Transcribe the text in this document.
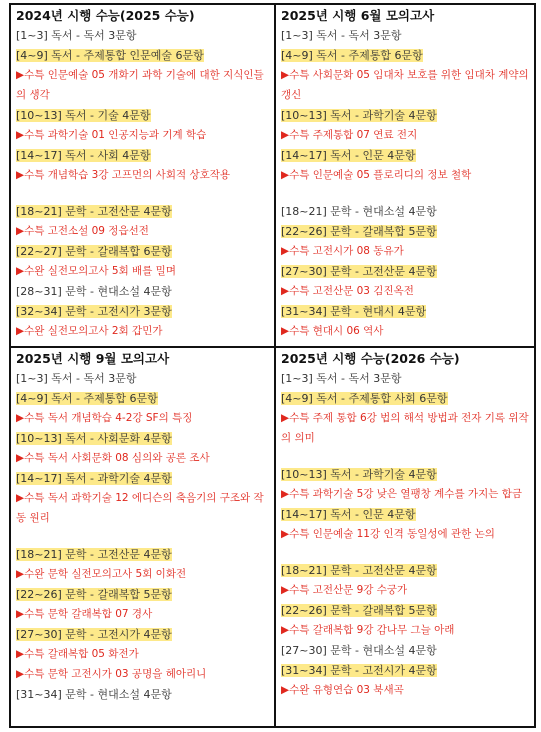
2024년 시행 수능(2025 수능)
[1~3] 독서 - 독서 3문항
[4~9] 독서 - 주제통합 인문예술 6문항
▶수특 인문예술 05 개화기 과학 기술에 대한 지식인들의 생각
[10~13] 독서 - 기술 4문항
▶수특 과학기술 01 인공지능과 기계 학습
[14~17] 독서 - 사회 4문항
▶수특 개념학습 3강 고프먼의 사회적 상호작용
[18~21] 문학 - 고전산문 4문항
▶수특 고전소설 09 정읍선전
[22~27] 문학 - 갈래복합 6문항
▶수완 실전모의고사 5회 배를 밀며
[28~31] 문학 - 현대소설 4문항
[32~34] 문학 - 고전시가 3문항
▶수완 실전모의고사 2회 갑민가
2025년 시행 6월 모의고사
[1~3] 독서 - 독서 3문항
[4~9] 독서 - 주제통합 6문항
▶수특 사회문화 05 임대차 보호를 위한 임대차 계약의 갱신
[10~13] 독서 - 과학기술 4문항
▶수특 주제통합 07 연료 전지
[14~17] 독서 - 인문 4문항
▶수특 인문예술 05 플로리디의 정보 철학
[18~21] 문학 - 현대소설 4문항
[22~26] 문학 - 갈래복합 5문항
▶수특 고전시가 08 동유가
[27~30] 문학 - 고전산문 4문항
▶수특 고전산문 03 김진옥전
[31~34] 문학 - 현대시 4문항
▶수특 현대시 06 역사
2025년 시행 9월 모의고사
[1~3] 독서 - 독서 3문항
[4~9] 독서 - 주제통합 6문항
▶수특 독서 개념학습 4-2강 SF의 특징
[10~13] 독서 - 사회문화 4문항
▶수특 독서 사회문화 08 심의와 공론 조사
[14~17] 독서 - 과학기술 4문항
▶수특 독서 과학기술 12 에디슨의 축음기의 구조와 작동 원리
[18~21] 문학 - 고전산문 4문항
▶수완 문학 실전모의고사 5회 이화전
[22~26] 문학 - 갈래복합 5문항
▶수특 문학 갈래복합 07 경사
[27~30] 문학 - 고전시가 4문항
▶수특 갈래복합 05 화전가
▶수특 문학 고전시가 03 공명을 헤아리니
[31~34] 문학 - 현대소설 4문항
2025년 시행 수능(2026 수능)
[1~3] 독서 - 독서 3문항
[4~9] 독서 - 주제통합 사회 6문항
▶수특 주제 통합 6강 법의 해석 방법과 전자 기록 위작의 의미
[10~13] 독서 - 과학기술 4문항
▶수특 과학기술 5강 낮은 열팽창 계수를 가지는 합금
[14~17] 독서 - 인문 4문항
▶수특 인문예술 11강 인격 동일성에 관한 논의
[18~21] 문학 - 고전산문 4문항
▶수특 고전산문 9강 수궁가
[22~26] 문학 - 갈래복합 5문항
▶수특 갈래복합 9강 감나무 그늘 아래
[27~30] 문학 - 현대소설 4문항
[31~34] 문학 - 고전시가 4문항
▶수완 유형연습 03 북새곡
